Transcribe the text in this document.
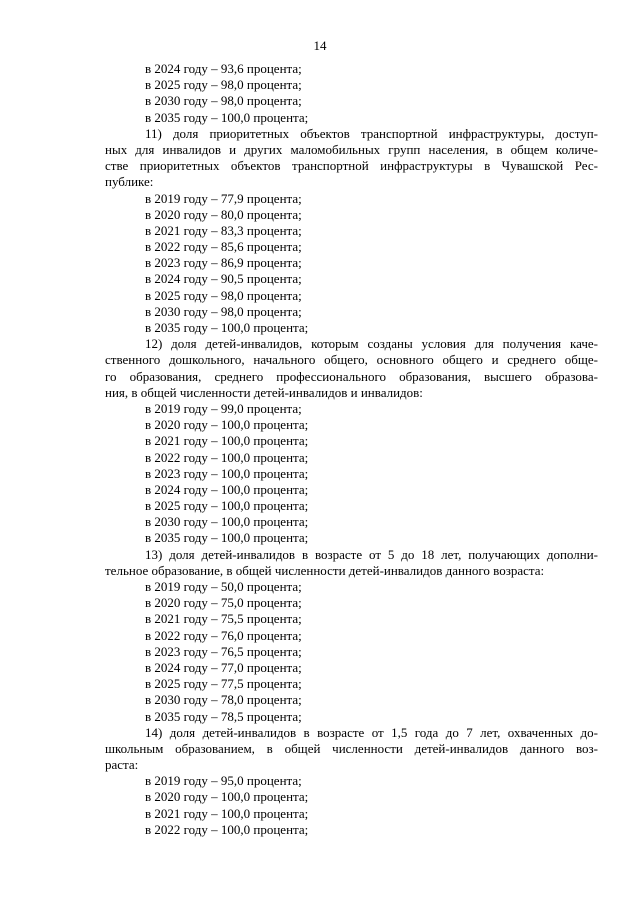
14
в 2024 году – 93,6 процента;
в 2025 году – 98,0 процента;
в 2030 году – 98,0 процента;
в 2035 году – 100,0 процента;
11) доля приоритетных объектов транспортной инфраструктуры, доступ-
ных для инвалидов и других маломобильных групп населения, в общем количе-
стве приоритетных объектов транспортной инфраструктуры в Чувашской Рес-
публике:
в 2019 году – 77,9 процента;
в 2020 году – 80,0 процента;
в 2021 году – 83,3 процента;
в 2022 году – 85,6 процента;
в 2023 году – 86,9 процента;
в 2024 году – 90,5 процента;
в 2025 году – 98,0 процента;
в 2030 году – 98,0 процента;
в 2035 году – 100,0 процента;
12) доля детей-инвалидов, которым созданы условия для получения каче-
ственного дошкольного, начального общего, основного общего и среднего обще-
го образования, среднего профессионального образования, высшего образова-
ния, в общей численности детей-инвалидов и инвалидов:
в 2019 году – 99,0 процента;
в 2020 году – 100,0 процента;
в 2021 году – 100,0 процента;
в 2022 году – 100,0 процента;
в 2023 году – 100,0 процента;
в 2024 году – 100,0 процента;
в 2025 году – 100,0 процента;
в 2030 году – 100,0 процента;
в 2035 году – 100,0 процента;
13) доля детей-инвалидов в возрасте от 5 до 18 лет, получающих дополни-
тельное образование, в общей численности детей-инвалидов данного возраста:
в 2019 году – 50,0 процента;
в 2020 году – 75,0 процента;
в 2021 году – 75,5 процента;
в 2022 году – 76,0 процента;
в 2023 году – 76,5 процента;
в 2024 году – 77,0 процента;
в 2025 году – 77,5 процента;
в 2030 году – 78,0 процента;
в 2035 году – 78,5 процента;
14) доля детей-инвалидов в возрасте от 1,5 года до 7 лет, охваченных до-
школьным образованием, в общей численности детей-инвалидов данного воз-
раста:
в 2019 году – 95,0 процента;
в 2020 году – 100,0 процента;
в 2021 году – 100,0 процента;
в 2022 году – 100,0 процента;
